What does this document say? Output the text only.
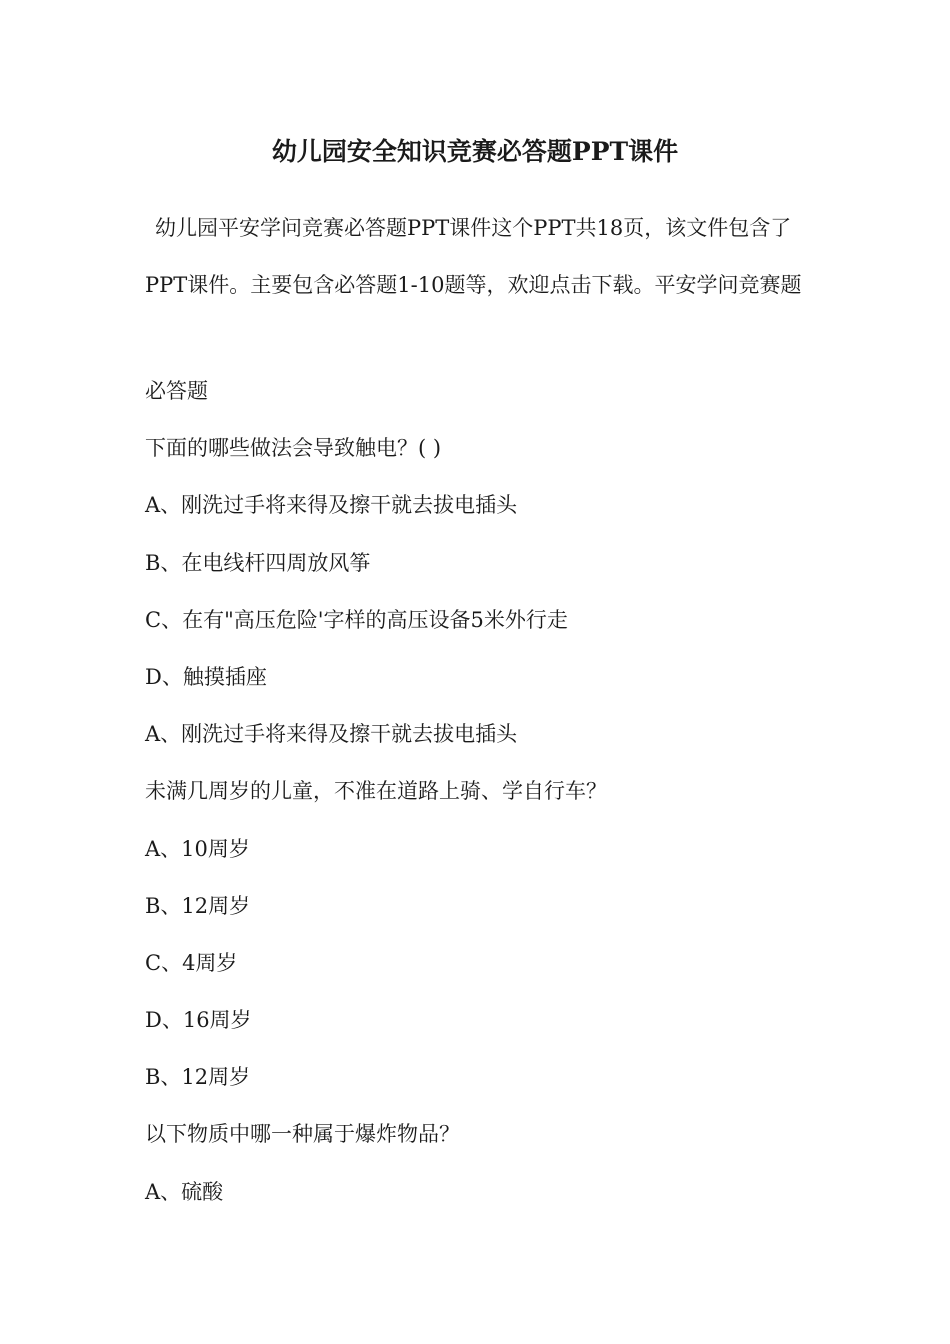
幼儿园安全知识竞赛必答题PPT课件

幼儿园平安学问竞赛必答题PPT课件这个PPT共18页，该文件包含了PPT课件。主要包含必答题1-10题等，欢迎点击下载。平安学问竞赛题

必答题
下面的哪些做法会导致触电？( )
A、刚洗过手将来得及擦干就去拔电插头
B、在电线杆四周放风筝
C、在有"高压危险'字样的高压设备5米外行走
D、触摸插座
A、刚洗过手将来得及擦干就去拔电插头
未满几周岁的儿童，不准在道路上骑、学自行车？
A、10周岁
B、12周岁
C、4周岁
D、16周岁
B、12周岁
以下物质中哪一种属于爆炸物品？
A、硫酸
